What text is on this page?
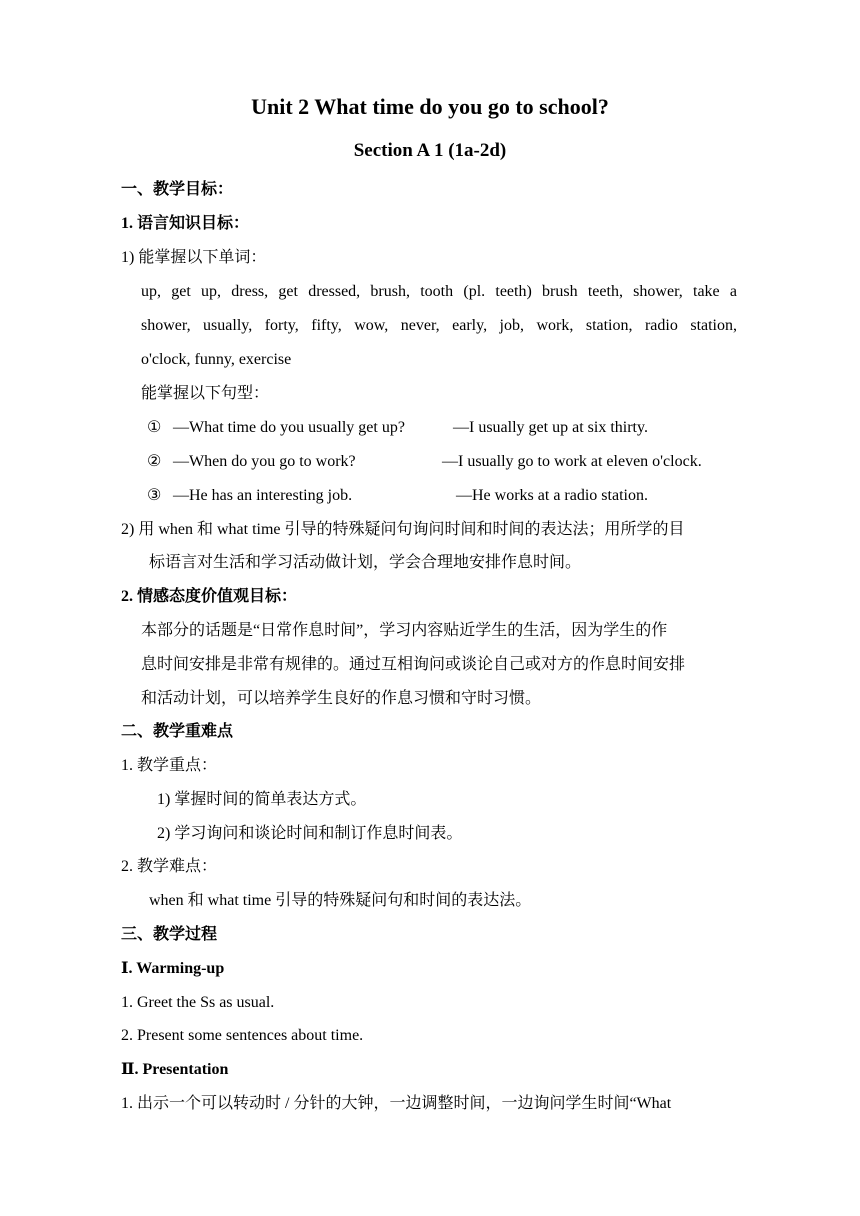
Unit 2 What time do you go to school?
Section A 1 (1a-2d)
一、教学目标：
1. 语言知识目标：
1) 能掌握以下单词：
up, get up, dress, get dressed, brush, tooth (pl. teeth) brush teeth, shower, take a
shower, usually, forty, fifty, wow, never, early, job, work, station, radio station,
o'clock, funny, exercise
能掌握以下句型：
① —What time do you usually get up?	—I usually get up at six thirty.
② —When do you go to work?	—I usually go to work at eleven o'clock.
③ —He has an interesting job.	—He works at a radio station.
2) 用 when 和 what time 引导的特殊疑问句询问时间和时间的表达法；用所学的目
标语言对生活和学习活动做计划，学会合理地安排作息时间。
2. 情感态度价值观目标：
本部分的话题是“日常作息时间”，学习内容贴近学生的生活，因为学生的作
息时间安排是非常有规律的。通过互相询问或谈论自己或对方的作息时间安排
和活动计划，可以培养学生良好的作息习惯和守时习惯。
二、教学重难点
1. 教学重点：
1) 掌握时间的简单表达方式。
2) 学习询问和谈论时间和制订作息时间表。
2. 教学难点：
when 和 what time 引导的特殊疑问句和时间的表达法。
三、教学过程
Ⅰ. Warming-up
1. Greet the Ss as usual.
2. Present some sentences about time.
Ⅱ. Presentation
1. 出示一个可以转动时 / 分针的大钟，一边调整时间，一边询问学生时间“What
